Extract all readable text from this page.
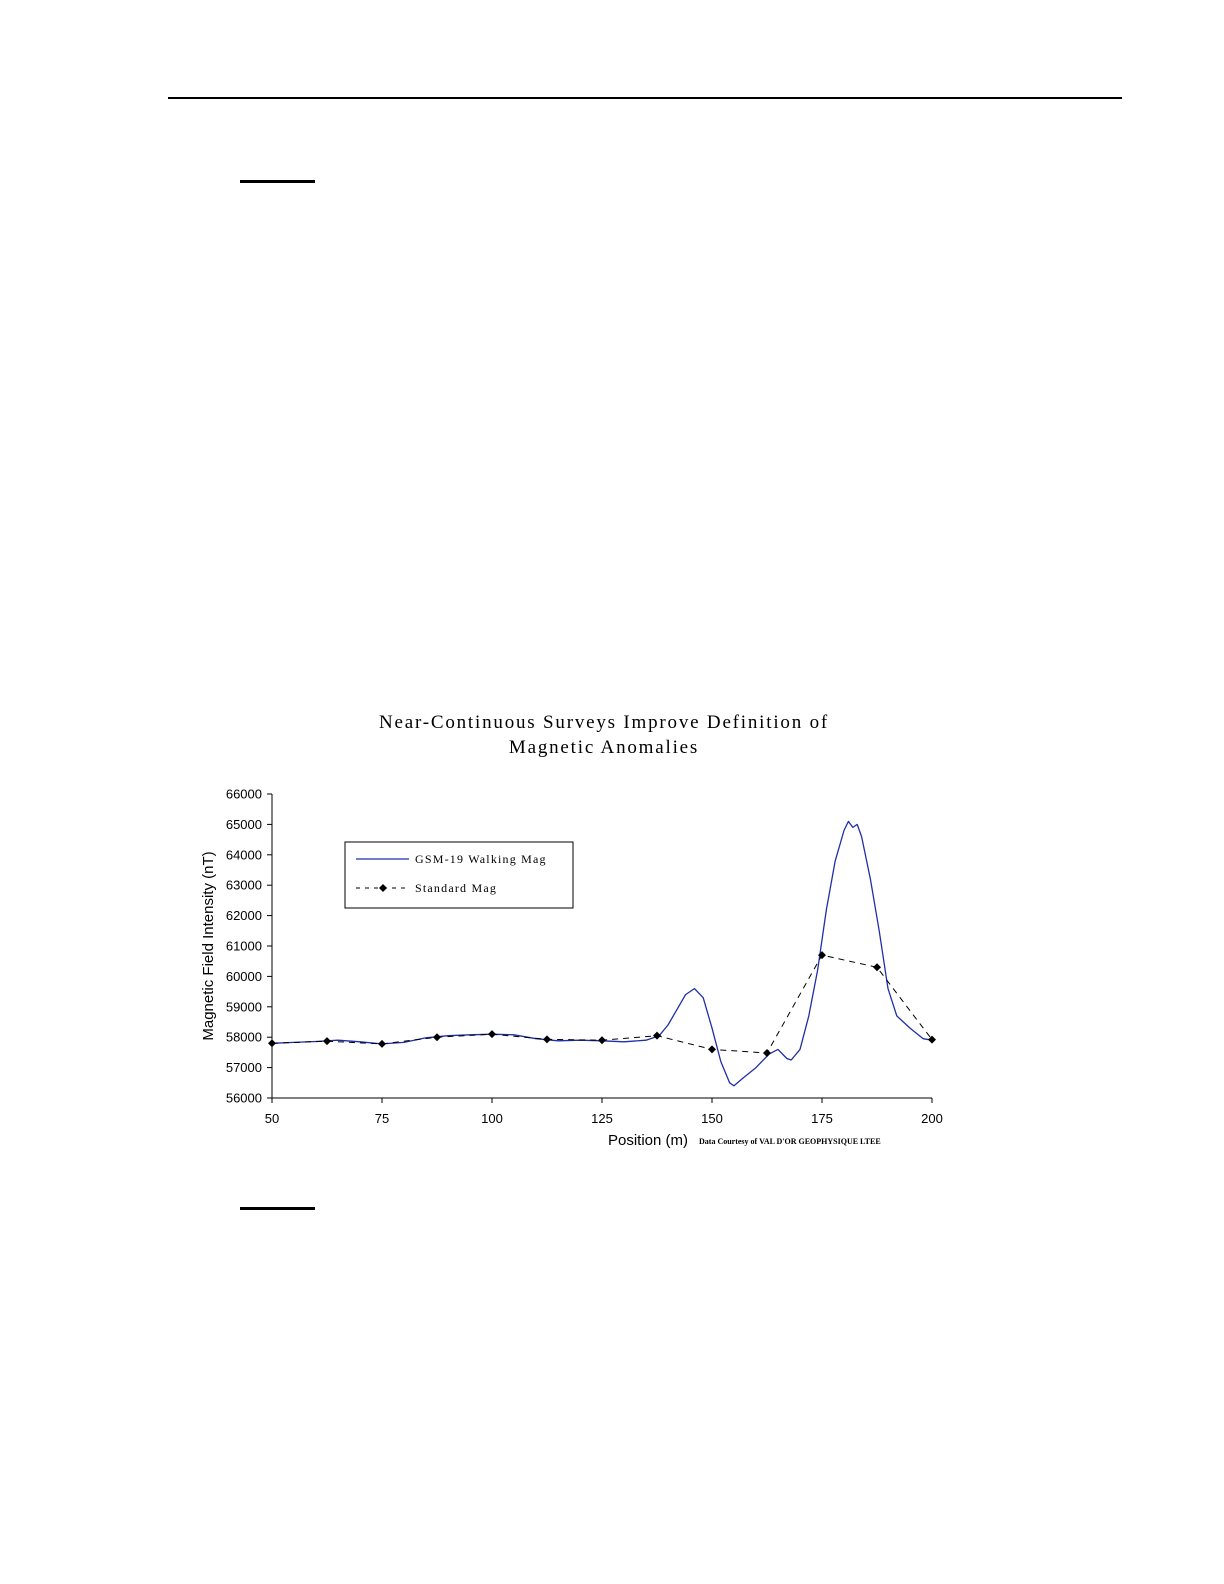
Near-Continuous Surveys Improve Definition of
Magnetic Anomalies
56000
57000
58000
59000
60000
61000
62000
63000
64000
65000
66000
50	75	100	125	150	175	200
Position (m)
Magnetic Field Intensity (nT)	GSM-19 Walking Mag
Standard Mag
Data Courtesy of VAL D'OR GEOPHYSIQUE LTEE
